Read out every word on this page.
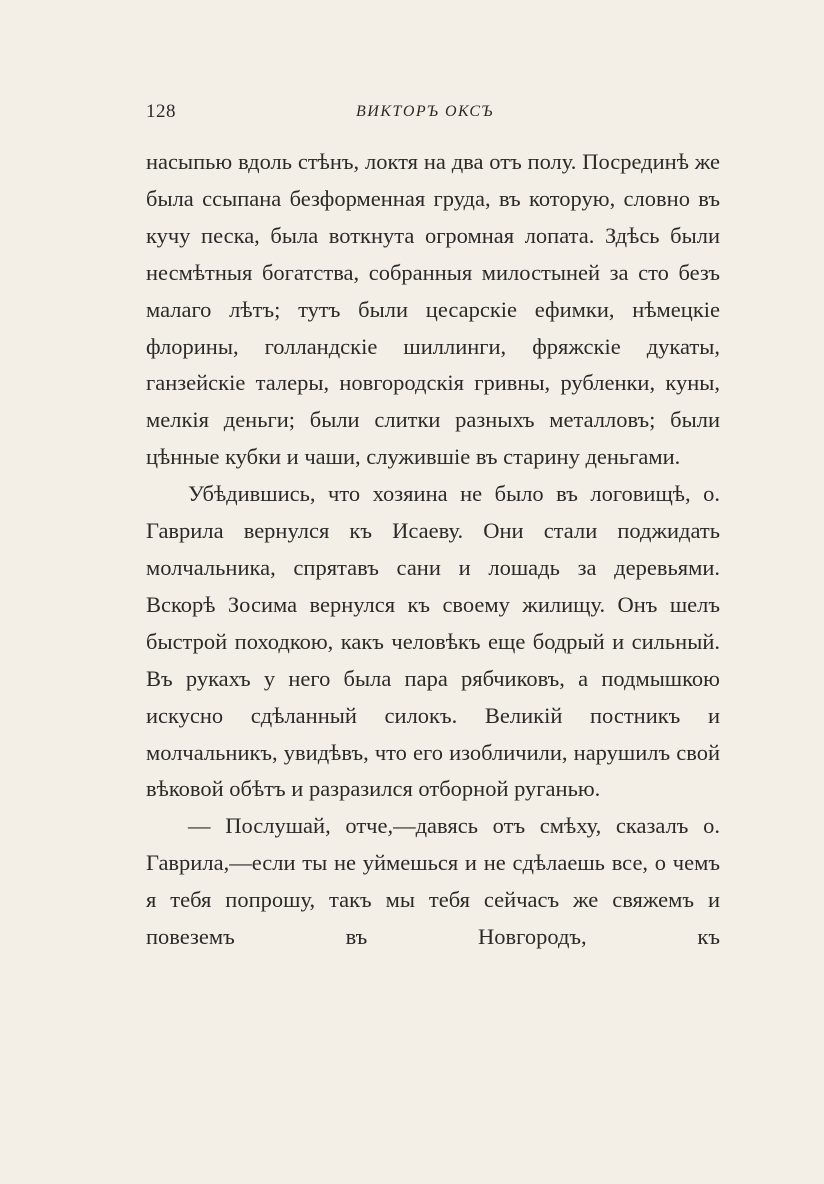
128	ВИКТОРЪ ОКСЪ

насыпью вдоль стѣнъ, локтя на два отъ полу. Посрединѣ же была ссыпана безформенная груда, въ которую, словно въ кучу песка, была воткнута огромная лопата. Здѣсь были несмѣтныя богатства, собранныя милостыней за сто безъ малаго лѣтъ; тутъ были цесарскіе ефимки, нѣмецкіе флорины, голландскіе шиллинги, фряжскіе дукаты, ганзейскіе талеры, новгородскія гривны, рубленки, куны, мелкія деньги; были слитки разныхъ металловъ; были цѣнные кубки и чаши, служившіе въ старину деньгами.

Убѣдившись, что хозяина не было въ логовищѣ, о. Гаврила вернулся къ Исаеву. Они стали поджидать молчальника, спрятавъ сани и лошадь за деревьями. Вскорѣ Зосима вернулся къ своему жилищу. Онъ шелъ быстрой походкою, какъ человѣкъ еще бодрый и сильный. Въ рукахъ у него была пара рябчиковъ, а подмышкою искусно сдѣланный силокъ. Великій постникъ и молчальникъ, увидѣвъ, что его изобличили, нарушилъ свой вѣковой обѣтъ и разразился отборной руганью.

— Послушай, отче,—давясь отъ смѣху, сказалъ о. Гаврила,—если ты не уймешься и не сдѣлаешь все, о чемъ я тебя попрошу, такъ мы тебя сейчасъ же свяжемъ и повеземъ въ Новгородъ, къ
